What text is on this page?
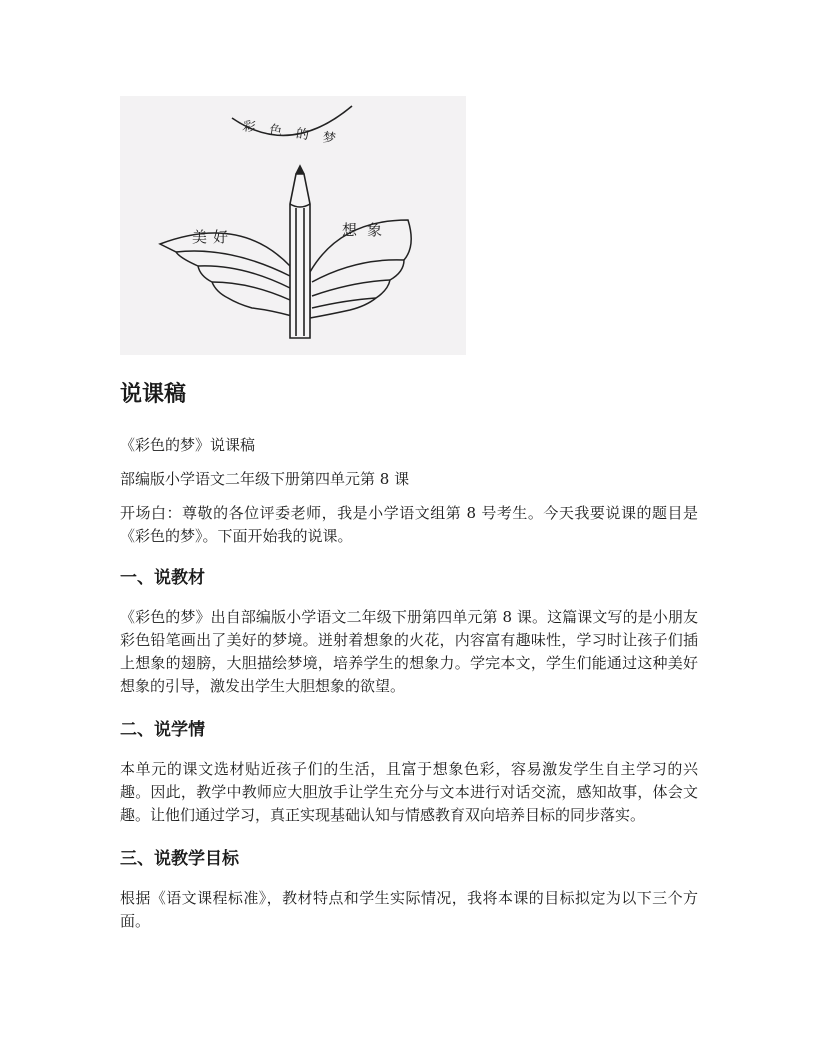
彩色的梦
美好	想象
说课稿

《彩色的梦》说课稿

部编版小学语文二年级下册第四单元第 8 课

开场白：尊敬的各位评委老师，我是小学语文组第 8 号考生。今天我要说课的题目是《彩色的梦》。下面开始我的说课。

一、说教材

《彩色的梦》出自部编版小学语文二年级下册第四单元第 8 课。这篇课文写的是小朋友彩色铅笔画出了美好的梦境。迸射着想象的火花，内容富有趣味性，学习时让孩子们插上想象的翅膀，大胆描绘梦境，培养学生的想象力。学完本文，学生们能通过这种美好想象的引导，激发出学生大胆想象的欲望。

二、说学情

本单元的课文选材贴近孩子们的生活，且富于想象色彩，容易激发学生自主学习的兴趣。因此，教学中教师应大胆放手让学生充分与文本进行对话交流，感知故事，体会文趣。让他们通过学习，真正实现基础认知与情感教育双向培养目标的同步落实。

三、说教学目标

根据《语文课程标准》，教材特点和学生实际情况，我将本课的目标拟定为以下三个方面。
